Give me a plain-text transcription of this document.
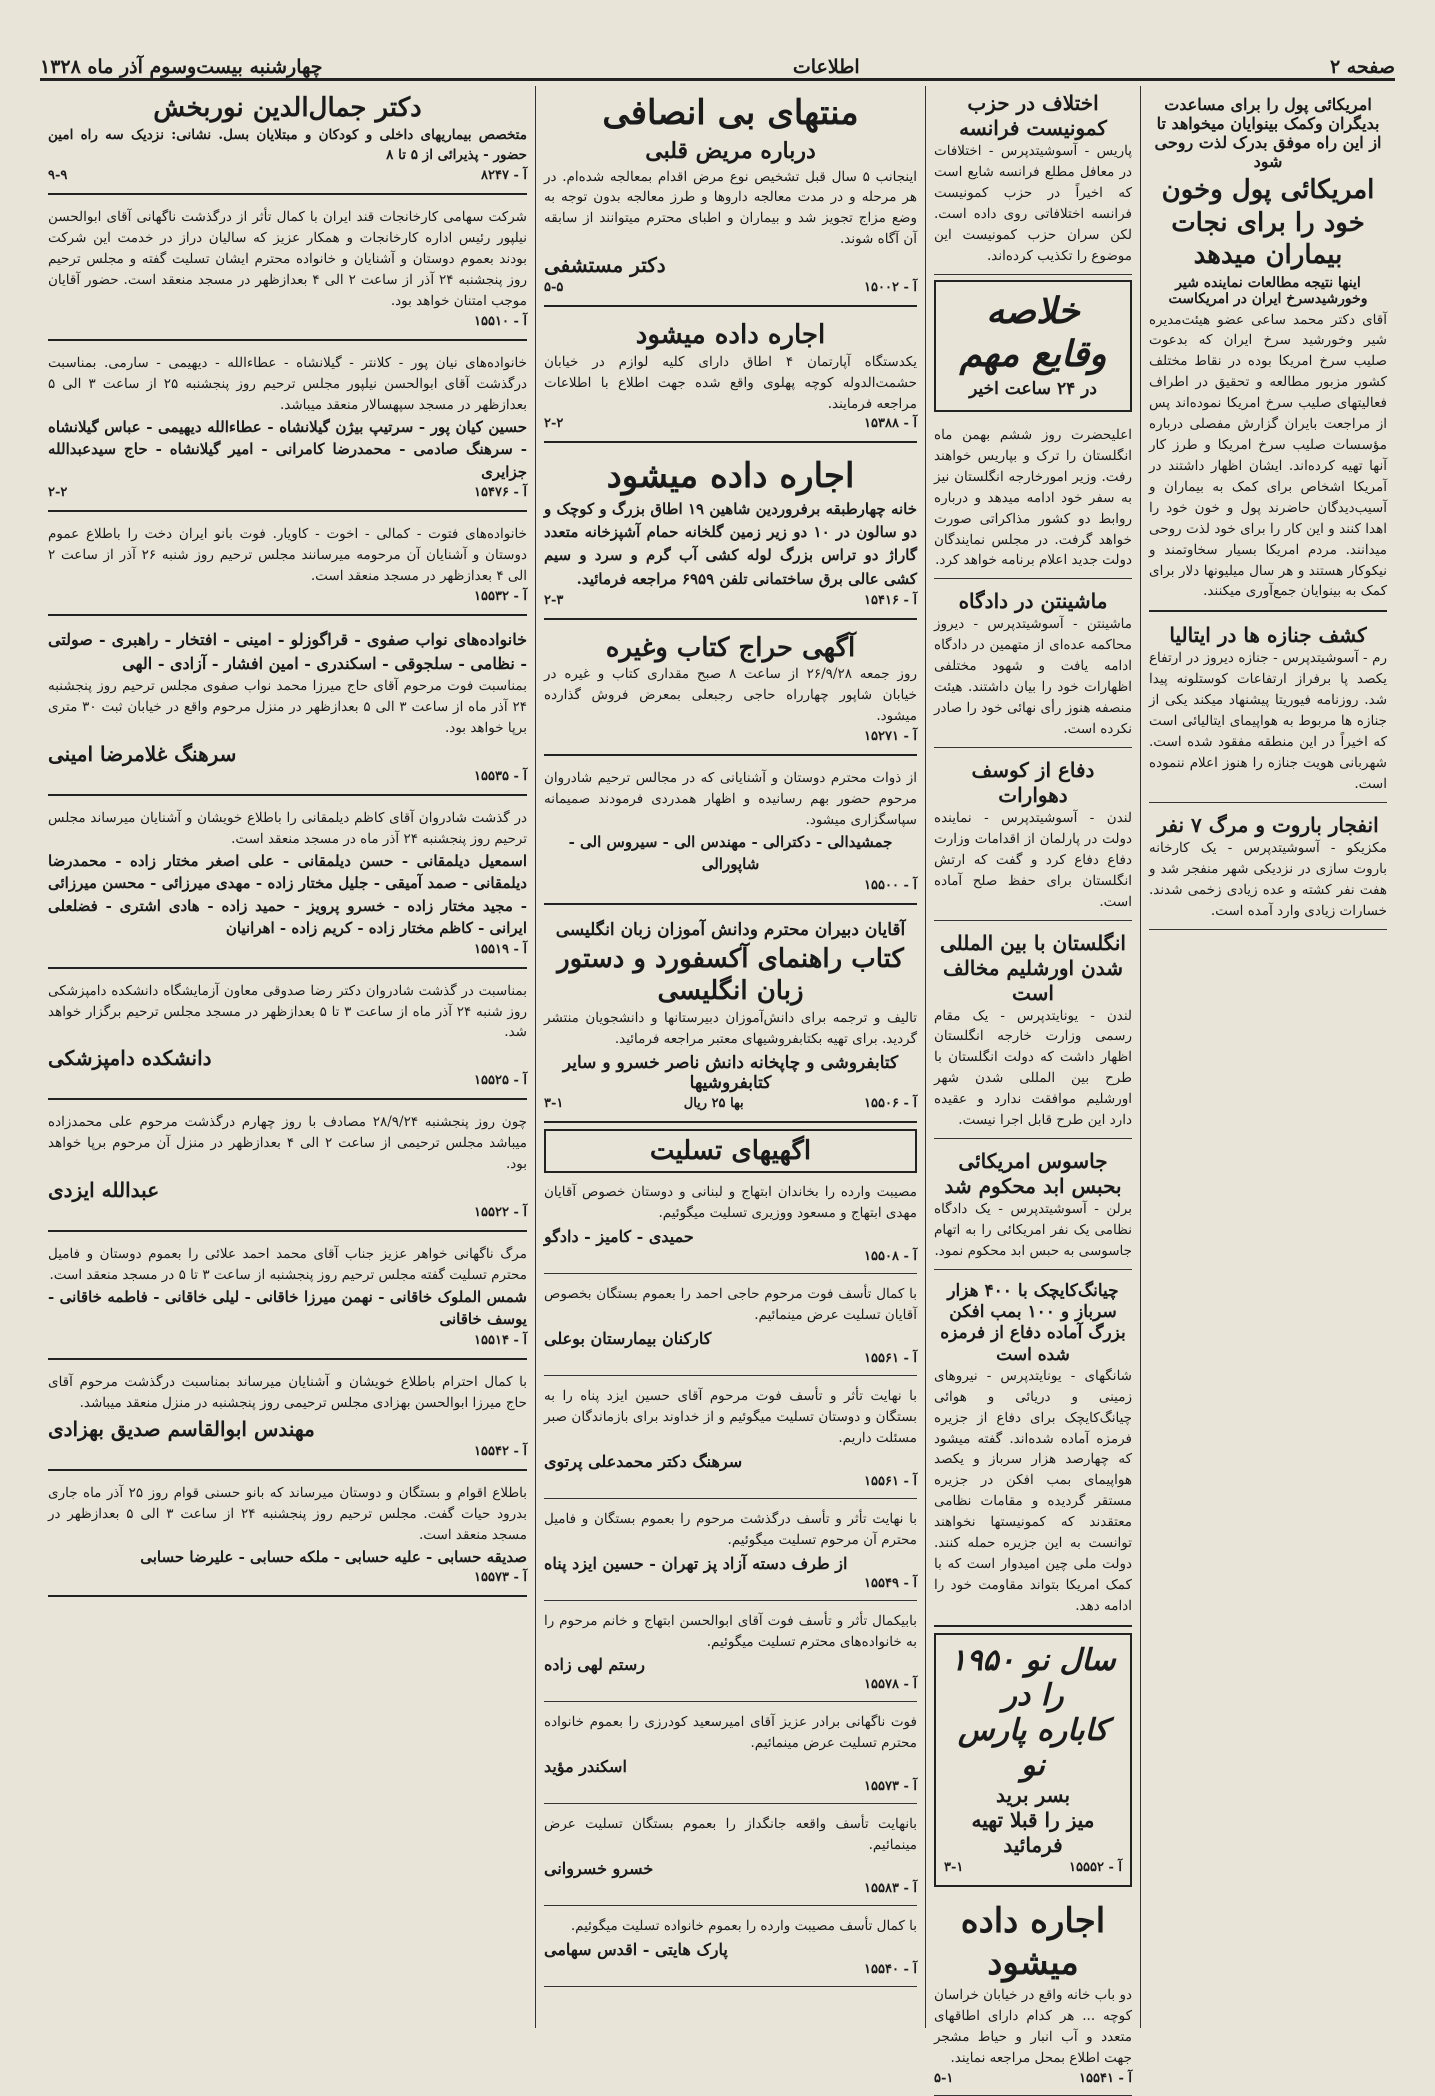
صفحه ۲
اطلاعات
چهارشنبه بیست‌وسوم آذر ماه ۱۳۲۸
امریکائی پول را برای مساعدت بدیگران وکمک بینوایان میخواهد تا از این راه موفق بدرک لذت روحی شود
امریکائی پول وخون خود را برای نجات بیماران میدهد
اینها نتیجه مطالعات نماینده شیر وخورشیدسرخ ایران در امریکاست
آقای دکتر محمد ساعی عضو هیئت‌مدیره شیر وخورشید سرخ ایران که بدعوت صلیب سرخ امریکا بوده در نقاط مختلف کشور مزبور مطالعه و تحقیق در اطراف فعالیتهای صلیب سرخ امریکا نموده‌اند پس از مراجعت بایران گزارش مفصلی درباره مؤسسات صلیب سرخ امریکا و طرز کار آنها تهیه کرده‌اند. ایشان اظهار داشتند در آمریکا اشخاص برای کمک به بیماران و آسیب‌دیدگان حاضرند پول و خون خود را اهدا کنند و این کار را برای خود لذت روحی میدانند. مردم امریکا بسیار سخاوتمند و نیکوکار هستند و هر سال میلیونها دلار برای کمک به بینوایان جمع‌آوری میکنند.
کشف جنازه ها در ایتالیا
رم - آسوشیتدپرس - جنازه دیروز در ارتفاع یکصد پا برفراز ارتفاعات کوستلونه پیدا شد. روزنامه فیوریتا پیشنهاد میکند یکی از جنازه ها مربوط به هواپیمای ایتالیائی است که اخیراً در این منطقه مفقود شده است. شهربانی هویت جنازه را هنوز اعلام ننموده است.
انفجار باروت و مرگ ۷ نفر
مکزیکو - آسوشیتدپرس - یک کارخانه باروت سازی در نزدیکی شهر منفجر شد و هفت نفر کشته و عده زیادی زخمی شدند. خسارات زیادی وارد آمده است.
اختلاف در حزب کمونیست فرانسه
پاریس - آسوشیتدپرس - اختلافات در معافل مطلع فرانسه شایع است که اخیراً در حزب کمونیست فرانسه اختلافاتی روی داده است. لکن سران حزب کمونیست این موضوع را تکذیب کرده‌اند.
خلاصه وقایع مهم
در ۲۴ ساعت اخیر
اعلیحضرت روز ششم بهمن ماه انگلستان را ترک و بپاریس خواهند رفت. وزیر امورخارجه انگلستان نیز به سفر خود ادامه میدهد و درباره روابط دو کشور مذاکراتی صورت خواهد گرفت. در مجلس نمایندگان دولت جدید اعلام برنامه خواهد کرد.
ماشینتن در دادگاه
ماشینتن - آسوشیتدپرس - دیروز محاکمه عده‌ای از متهمین در دادگاه ادامه یافت و شهود مختلفی اظهارات خود را بیان داشتند. هیئت منصفه هنوز رأی نهائی خود را صادر نکرده است.
دفاع از کوسف دهوارات
لندن - آسوشیتدپرس - نماینده دولت در پارلمان از اقدامات وزارت دفاع دفاع کرد و گفت که ارتش انگلستان برای حفظ صلح آماده است.
انگلستان با بین المللی شدن اورشلیم مخالف است
لندن - یونایتدپرس - یک مقام رسمی وزارت خارجه انگلستان اظهار داشت که دولت انگلستان با طرح بین المللی شدن شهر اورشلیم موافقت ندارد و عقیده دارد این طرح قابل اجرا نیست.
جاسوس امریکائی بحبس ابد محکوم شد
برلن - آسوشیتدپرس - یک دادگاه نظامی یک نفر امریکائی را به اتهام جاسوسی به حبس ابد محکوم نمود.
چیانگ‌کایچک با ۴۰۰ هزار سرباز و ۱۰۰ بمب افکن بزرگ آماده دفاع از فرمزه شده است
شانگهای - یونایتدپرس - نیروهای زمینی و دریائی و هوائی چیانگ‌کایچک برای دفاع از جزیره فرمزه آماده شده‌اند. گفته میشود که چهارصد هزار سرباز و یکصد هواپیمای بمب افکن در جزیره مستقر گردیده و مقامات نظامی معتقدند که کمونیستها نخواهند توانست به این جزیره حمله کنند. دولت ملی چین امیدوار است که با کمک امریکا بتواند مقاومت خود را ادامه دهد.
سال نو ۱۹۵۰ را در
کاباره پارس نو
بسر برید
میز را قبلا تهیه فرمائید
آ - ۱۵۵۵۲
۳-۱
اجاره داده میشود
دو باب خانه واقع در خیابان خراسان کوچه ... هر کدام دارای اطاقهای متعدد و آب انبار و حیاط مشجر جهت اطلاع بمحل مراجعه نمایند.
آ - ۱۵۵۴۱
۵-۱
منتهای بی انصافی
درباره مریض قلبی
اینجانب ۵ سال قبل تشخیص نوع مرض اقدام بمعالجه شده‌ام. در هر مرحله و در مدت معالجه داروها و طرز معالجه بدون توجه به وضع مزاج تجویز شد و بیماران و اطبای محترم میتوانند از سابقه آن آگاه شوند.
دکتر مستشفی
آ - ۱۵۰۰۲
۵-۵
اجاره داده میشود
یکدستگاه آپارتمان ۴ اطاق دارای کلیه لوازم در خیابان حشمت‌الدوله کوچه پهلوی واقع شده جهت اطلاع با اطلاعات مراجعه فرمایند.
آ - ۱۵۳۸۸
۲-۲
اجاره داده میشود
خانه چهارطبقه برفروردین شاهین ۱۹ اطاق بزرگ و کوچک و دو سالون در ۱۰ دو زیر زمین گلخانه حمام آشپزخانه متعدد گاراژ دو تراس بزرگ لوله کشی آب گرم و سرد و سیم کشی عالی برق ساختمانی تلفن ۶۹۵۹ مراجعه فرمائید.
آ - ۱۵۴۱۶
۲-۳
آگهی حراج کتاب وغیره
روز جمعه ۲۶/۹/۲۸ از ساعت ۸ صبح مقداری کتاب و غیره در خیابان شاپور چهارراه حاجی رجبعلی بمعرض فروش گذارده میشود.
آ - ۱۵۲۷۱
از ذوات محترم دوستان و آشنایانی که در مجالس ترحیم شادروان مرحوم حضور بهم رسانیده و اظهار همدردی فرمودند صمیمانه سپاسگزاری میشود.
جمشیدالی - دکترالی - مهندس الی - سیروس الی - شاپورالی
آ - ۱۵۵۰۰
آقایان دبیران محترم ودانش آموزان زبان انگلیسی
کتاب راهنمای آکسفورد و دستور زبان انگلیسی
تالیف و ترجمه برای دانش‌آموزان دبیرستانها و دانشجویان منتشر گردید. برای تهیه بکتابفروشیهای معتبر مراجعه فرمائید.
کتابفروشی و چاپخانه دانش ناصر خسرو و سایر کتابفروشیها
آ - ۱۵۵۰۶
بها ۲۵ ریال
۳-۱
اگهیهای تسلیت
مصیبت وارده را بخاندان ابتهاج و لبنانی و دوستان خصوص آقایان مهدی ابتهاج و مسعود ووزیری تسلیت میگوئیم.
حمیدی - کامیز - دادگو
آ - ۱۵۵۰۸
با کمال تأسف فوت مرحوم حاجی احمد را بعموم بستگان بخصوص آقایان تسلیت عرض مینمائیم.
کارکنان بیمارستان بوعلی
آ - ۱۵۵۶۱
با نهایت تأثر و تأسف فوت مرحوم آقای حسین ایزد پناه را به بستگان و دوستان تسلیت میگوئیم و از خداوند برای بازماندگان صبر مسئلت داریم.
سرهنگ دکتر محمدعلی پرتوی
آ - ۱۵۵۶۱
با نهایت تأثر و تأسف درگذشت مرحوم را بعموم بستگان و فامیل محترم آن مرحوم تسلیت میگوئیم.
از طرف دسته آزاد پز تهران - حسین ایزد پناه
آ - ۱۵۵۴۹
بابیکمال تأثر و تأسف فوت آقای ابوالحسن ابتهاج و خانم مرحوم را به خانواده‌های محترم تسلیت میگوئیم.
رستم لهی زاده
آ - ۱۵۵۷۸
فوت ناگهانی برادر عزیز آقای امیرسعید کودرزی را بعموم خانواده محترم تسلیت عرض مینمائیم.
اسکندر مؤید
آ - ۱۵۵۷۳
بانهایت تأسف واقعه جانگداز را بعموم بستگان تسلیت عرض مینمائیم.
خسرو خسروانی
آ - ۱۵۵۸۳
با کمال تأسف مصیبت وارده را بعموم خانواده تسلیت میگوئیم.
پارک هایتی - اقدس سهامی
آ - ۱۵۵۴۰
دکتر جمال‌الدین نوربخش
متخصص بیماریهای داخلی و کودکان و مبتلایان بسل. نشانی: نزدیک سه راه امین حضور - پذیرائی از ۵ تا ۸
آ - ۸۲۴۷
۹-۹
شرکت سهامی کارخانجات قند ایران با کمال تأثر از درگذشت ناگهانی آقای ابوالحسن نیلپور رئیس اداره کارخانجات و همکار عزیز که سالیان دراز در خدمت این شرکت بودند بعموم دوستان و آشنایان و خانواده محترم ایشان تسلیت گفته و مجلس ترحیم روز پنجشنبه ۲۴ آذر از ساعت ۲ الی ۴ بعدازظهر در مسجد منعقد است. حضور آقایان موجب امتنان خواهد بود.
آ - ۱۵۵۱۰
خانواده‌های نیان پور - کلانتر - گیلانشاه - عطاءالله - دیهیمی - سارمی. بمناسبت درگذشت آقای ابوالحسن نیلپور مجلس ترحیم روز پنجشنبه ۲۵ از ساعت ۳ الی ۵ بعدازظهر در مسجد سپهسالار منعقد میباشد.
حسین کیان پور - سرتیپ بیژن گیلانشاه - عطاءالله دیهیمی - عباس گیلانشاه - سرهنگ صادمی - محمدرضا کامرانی - امیر گیلانشاه - حاج سیدعبدالله جزایری
آ - ۱۵۴۷۶
۲-۲
خانواده‌های فتوت - کمالی - اخوت - کاویار. فوت بانو ایران دخت را باطلاع عموم دوستان و آشنایان آن مرحومه میرسانند مجلس ترحیم روز شنبه ۲۶ آذر از ساعت ۲ الی ۴ بعدازظهر در مسجد منعقد است.
آ - ۱۵۵۳۲
خانواده‌های نواب صفوی - قراگوزلو - امینی - افتخار - راهبری - صولتی - نظامی - سلجوقی - اسکندری - امین افشار - آزادی - الهی
بمناسبت فوت مرحوم آقای حاج میرزا محمد نواب صفوی مجلس ترحیم روز پنجشنبه ۲۴ آذر ماه از ساعت ۳ الی ۵ بعدازظهر در منزل مرحوم واقع در خیابان ثبت ۳۰ متری برپا خواهد بود.
سرهنگ غلامرضا امینی
آ - ۱۵۵۳۵
در گذشت شادروان آقای کاظم دیلمقانی را باطلاع خویشان و آشنایان میرساند مجلس ترحیم روز پنجشنبه ۲۴ آذر ماه در مسجد منعقد است.
اسمعیل دیلمقانی - حسن دیلمقانی - علی اصغر مختار زاده - محمدرضا دیلمقانی - صمد آمیقی - جلیل مختار زاده - مهدی میرزائی - محسن میرزائی - مجید مختار زاده - خسرو پرویز - حمید زاده - هادی اشتری - فضلعلی ایرانی - کاظم مختار زاده - کریم زاده - اهرانیان
آ - ۱۵۵۱۹
بمناسبت در گذشت شادروان دکتر رضا صدوقی معاون آزمایشگاه دانشکده دامپزشکی روز شنبه ۲۴ آذر ماه از ساعت ۳ تا ۵ بعدازظهر در مسجد مجلس ترحیم برگزار خواهد شد.
دانشکده دامپزشکی
آ - ۱۵۵۲۵
چون روز پنجشنبه ۲۸/۹/۲۴ مصادف با روز چهارم درگذشت مرحوم علی محمدزاده میباشد مجلس ترحیمی از ساعت ۲ الی ۴ بعدازظهر در منزل آن مرحوم برپا خواهد بود.
عبدالله ایزدی
آ - ۱۵۵۲۲
مرگ ناگهانی خواهر عزیز جناب آقای محمد احمد علائی را بعموم دوستان و فامیل محترم تسلیت گفته مجلس ترحیم روز پنجشنبه از ساعت ۳ تا ۵ در مسجد منعقد است.
شمس الملوک خاقانی - نهمن میرزا خاقانی - لیلی خاقانی - فاطمه خاقانی - یوسف خاقانی
آ - ۱۵۵۱۴
با کمال احترام باطلاع خویشان و آشنایان میرساند بمناسبت درگذشت مرحوم آقای حاج میرزا ابوالحسن بهزادی مجلس ترحیمی روز پنجشنبه در منزل منعقد میباشد.
مهندس ابوالقاسم صدیق بهزادی
آ - ۱۵۵۴۲
باطلاع اقوام و بستگان و دوستان میرساند که بانو حسنی قوام روز ۲۵ آذر ماه جاری بدرود حیات گفت. مجلس ترحیم روز پنجشنبه ۲۴ از ساعت ۳ الی ۵ بعدازظهر در مسجد منعقد است.
صدیقه حسابی - علیه حسابی - ملکه حسابی - علیرضا حسابی
آ - ۱۵۵۷۳
